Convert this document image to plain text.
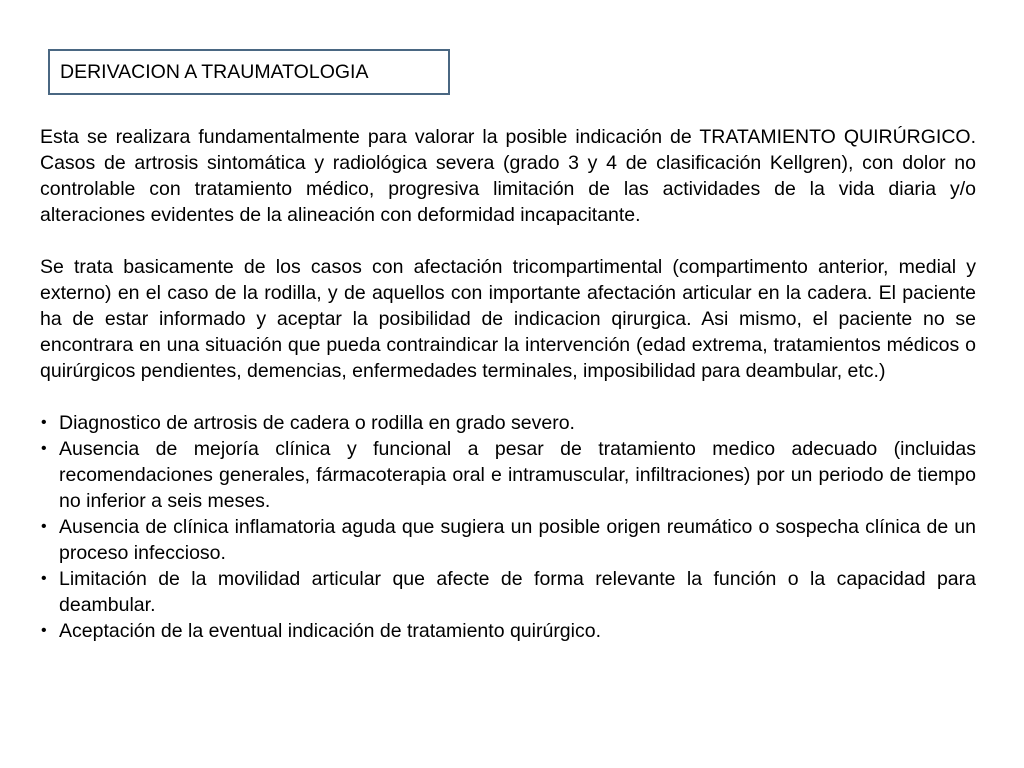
DERIVACION A TRAUMATOLOGIA

Esta se realizara fundamentalmente para valorar la posible indicación de TRATAMIENTO QUIRÚRGICO. Casos de artrosis sintomática y radiológica severa (grado 3 y 4 de clasificación Kellgren), con dolor no controlable con tratamiento médico, progresiva limitación de las actividades de la vida diaria y/o alteraciones evidentes de la alineación con deformidad incapacitante.

Se trata basicamente de los casos con afectación tricompartimental (compartimento anterior, medial y externo) en el caso de la rodilla, y de aquellos con importante afectación articular en la cadera. El paciente ha de estar informado y aceptar la posibilidad de indicacion qirurgica. Asi mismo, el paciente no se encontrara en una situación que pueda contraindicar la intervención (edad extrema, tratamientos médicos o quirúrgicos pendientes, demencias, enfermedades terminales, imposibilidad para deambular, etc.)

• Diagnostico de artrosis de cadera o rodilla en grado severo.
• Ausencia de mejoría clínica y funcional a pesar de tratamiento medico adecuado (incluidas recomendaciones generales, fármacoterapia oral e intramuscular, infiltraciones) por un periodo de tiempo no inferior a seis meses.
• Ausencia de clínica inflamatoria aguda que sugiera un posible origen reumático o sospecha clínica de un proceso infeccioso.
• Limitación de la movilidad articular que afecte de forma relevante la función o la capacidad para deambular.
• Aceptación de la eventual indicación de tratamiento quirúrgico.
